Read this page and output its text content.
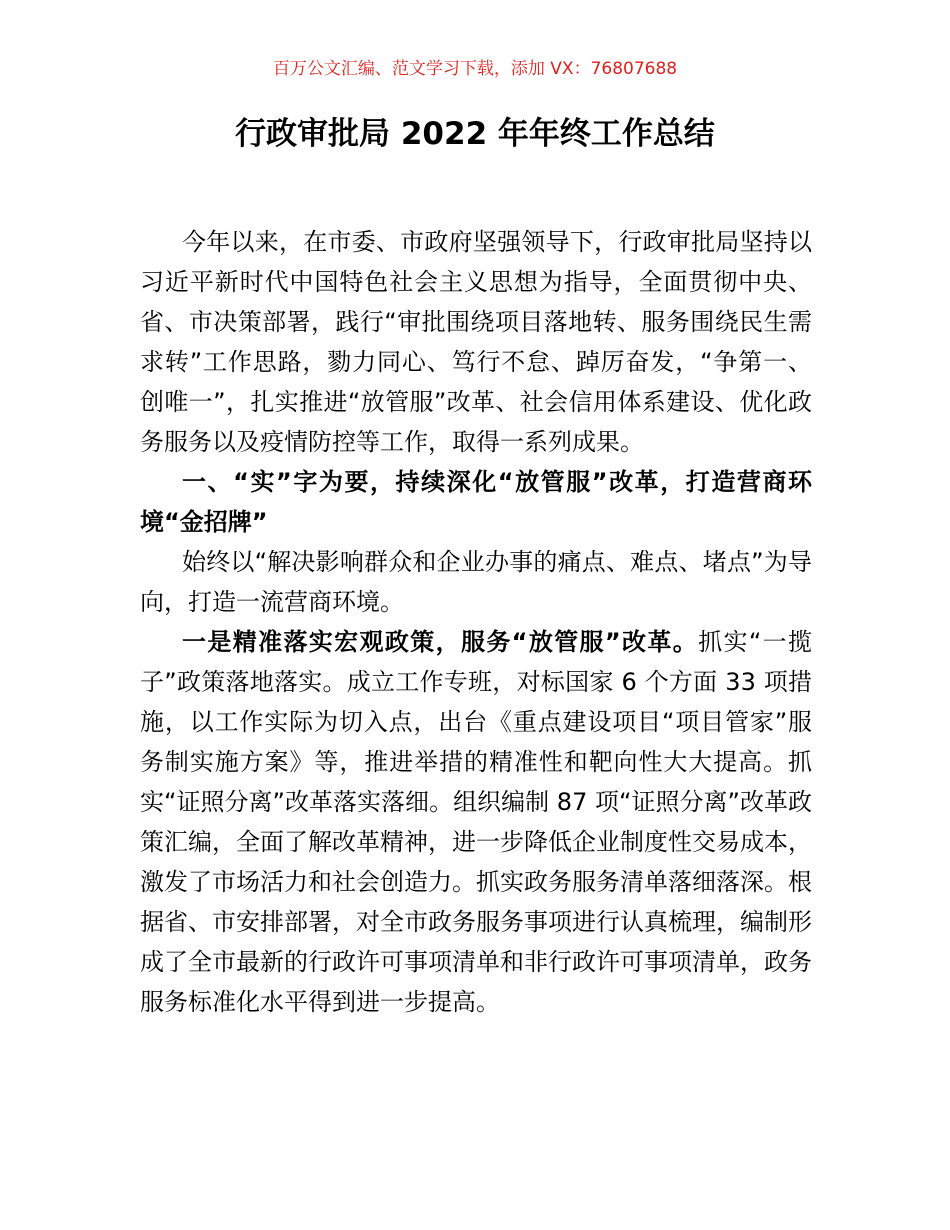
百万公文汇编、范文学习下载，添加 VX：76807688
行政审批局 2022 年年终工作总结

今年以来，在市委、市政府坚强领导下，行政审批局坚持以习近平新时代中国特色社会主义思想为指导，全面贯彻中央、省、市决策部署，践行“审批围绕项目落地转、服务围绕民生需求转”工作思路，勠力同心、笃行不怠、踔厉奋发，“争第一、创唯一”，扎实推进“放管服”改革、社会信用体系建设、优化政务服务以及疫情防控等工作，取得一系列成果。

一、“实”字为要，持续深化“放管服”改革，打造营商环境“金招牌”

始终以“解决影响群众和企业办事的痛点、难点、堵点”为导向，打造一流营商环境。

一是精准落实宏观政策，服务“放管服”改革。抓实“一揽子”政策落地落实。成立工作专班，对标国家 6 个方面 33 项措施，以工作实际为切入点，出台《重点建设项目“项目管家”服务制实施方案》等，推进举措的精准性和靶向性大大提高。抓实“证照分离”改革落实落细。组织编制 87 项“证照分离”改革政策汇编，全面了解改革精神，进一步降低企业制度性交易成本，激发了市场活力和社会创造力。抓实政务服务清单落细落深。根据省、市安排部署，对全市政务服务事项进行认真梳理，编制形成了全市最新的行政许可事项清单和非行政许可事项清单，政务服务标准化水平得到进一步提高。
